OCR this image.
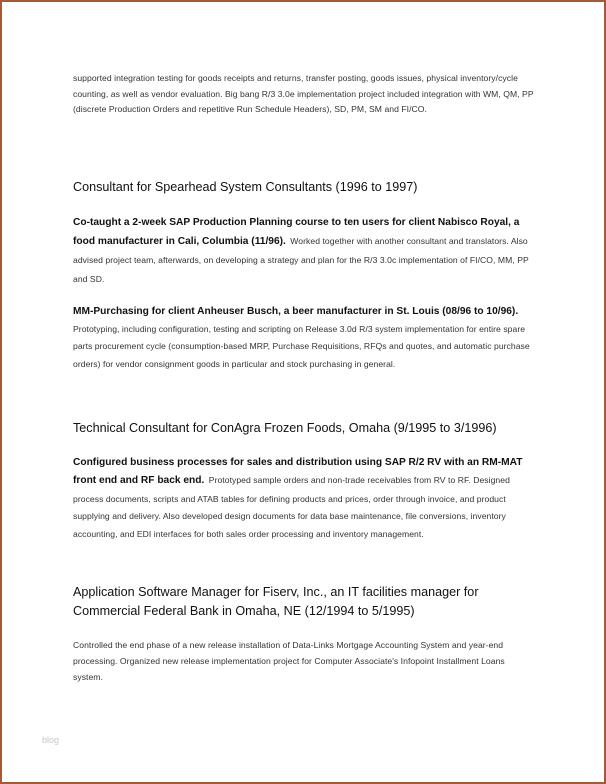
supported integration testing for goods receipts and returns, transfer posting, goods issues, physical inventory/cycle counting, as well as vendor evaluation. Big bang R/3 3.0e implementation project included integration with WM, QM, PP (discrete Production Orders and repetitive Run Schedule Headers), SD, PM, SM and FI/CO.

Consultant for Spearhead System Consultants (1996 to 1997)

Co-taught a 2-week SAP Production Planning course to ten users for client Nabisco Royal, a food manufacturer in Cali, Columbia (11/96). Worked together with another consultant and translators. Also advised project team, afterwards, on developing a strategy and plan for the R/3 3.0c implementation of FI/CO, MM, PP and SD.

MM-Purchasing for client Anheuser Busch, a beer manufacturer in St. Louis (08/96 to 10/96). Prototyping, including configuration, testing and scripting on Release 3.0d R/3 system implementation for entire spare parts procurement cycle (consumption-based MRP, Purchase Requisitions, RFQs and quotes, and automatic purchase orders) for vendor consignment goods in particular and stock purchasing in general.

Technical Consultant for ConAgra Frozen Foods, Omaha (9/1995 to 3/1996)

Configured business processes for sales and distribution using SAP R/2 RV with an RM-MAT front end and RF back end. Prototyped sample orders and non-trade receivables from RV to RF. Designed process documents, scripts and ATAB tables for defining products and prices, order through invoice, and product supplying and delivery. Also developed design documents for data base maintenance, file conversions, inventory accounting, and EDI interfaces for both sales order processing and inventory management.

Application Software Manager for Fiserv, Inc., an IT facilities manager for Commercial Federal Bank in Omaha, NE (12/1994 to 5/1995)

Controlled the end phase of a new release installation of Data-Links Mortgage Accounting System and year-end processing. Organized new release implementation project for Computer Associate's Infopoint Installment Loans system.

blog
